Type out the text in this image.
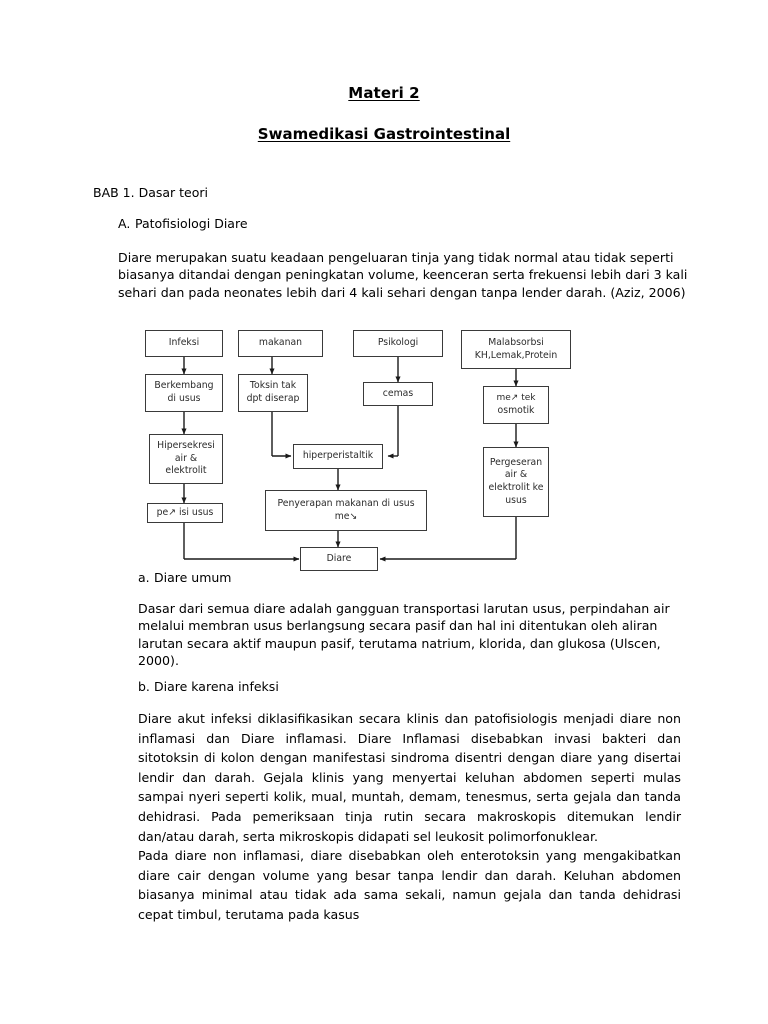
Materi 2
Swamedikasi Gastrointestinal
BAB 1. Dasar teori
A. Patofisiologi Diare
Diare merupakan suatu keadaan pengeluaran tinja yang tidak normal atau tidak seperti biasanya ditandai dengan peningkatan volume, keenceran serta frekuensi lebih dari 3 kali sehari dan pada neonates lebih dari 4 kali sehari dengan tanpa lender darah. (Aziz, 2006)
Infeksi	makanan	Psikologi	Malabsorbsi
KH,Lemak,Protein
Berkembang
di usus
Toksin tak
dpt diserap	cemas	me↗ tek
osmotik
Hipersekresi
air &
elektrolit
hiperperistaltik
Pergeseran
air &
elektrolit ke
usus
pe↗ isi usus
Penyerapan makanan di usus
me↘
Diare
a. Diare umum
Dasar dari semua diare adalah gangguan transportasi larutan usus, perpindahan air melalui membran usus berlangsung secara pasif dan hal ini ditentukan oleh aliran larutan secara aktif maupun pasif, terutama natrium, klorida, dan glukosa (Ulscen, 2000).
b. Diare karena infeksi

Diare akut infeksi diklasifikasikan secara klinis dan patofisiologis menjadi diare non inflamasi dan Diare inflamasi. Diare Inflamasi disebabkan invasi bakteri dan sitotoksin di kolon dengan manifestasi sindroma disentri dengan diare yang disertai lendir dan darah. Gejala klinis yang menyertai keluhan abdomen seperti mulas sampai nyeri seperti kolik, mual, muntah, demam, tenesmus, serta gejala dan tanda dehidrasi. Pada pemeriksaan tinja rutin secara makroskopis ditemukan lendir dan/atau darah, serta mikroskopis didapati sel leukosit polimorfonuklear.

Pada diare non inflamasi, diare disebabkan oleh enterotoksin yang mengakibatkan diare cair dengan volume yang besar tanpa lendir dan darah. Keluhan abdomen biasanya minimal atau tidak ada sama sekali, namun gejala dan tanda dehidrasi cepat timbul, terutama pada kasus
